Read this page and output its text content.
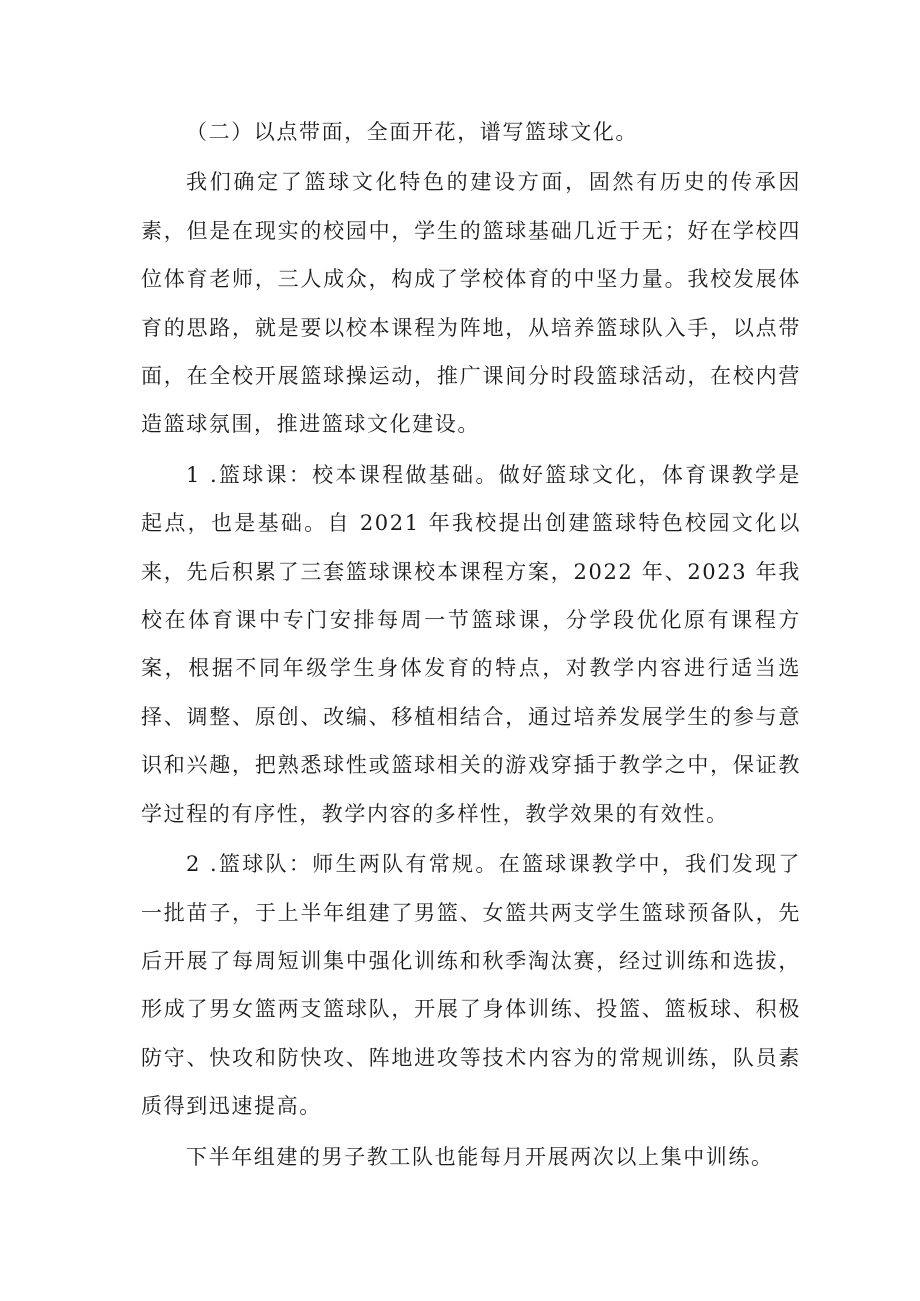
（二）以点带面，全面开花，谱写篮球文化。

我们确定了篮球文化特色的建设方面，固然有历史的传承因素，但是在现实的校园中，学生的篮球基础几近于无；好在学校四位体育老师，三人成众，构成了学校体育的中坚力量。我校发展体育的思路，就是要以校本课程为阵地，从培养篮球队入手，以点带面，在全校开展篮球操运动，推广课间分时段篮球活动，在校内营造篮球氛围，推进篮球文化建设。

1 .篮球课：校本课程做基础。做好篮球文化，体育课教学是起点，也是基础。自 2021 年我校提出创建篮球特色校园文化以来，先后积累了三套篮球课校本课程方案，2022 年、2023 年我校在体育课中专门安排每周一节篮球课，分学段优化原有课程方案，根据不同年级学生身体发育的特点，对教学内容进行适当选择、调整、原创、改编、移植相结合，通过培养发展学生的参与意识和兴趣，把熟悉球性或篮球相关的游戏穿插于教学之中，保证教学过程的有序性，教学内容的多样性，教学效果的有效性。

2 .篮球队：师生两队有常规。在篮球课教学中，我们发现了一批苗子，于上半年组建了男篮、女篮共两支学生篮球预备队，先后开展了每周短训集中强化训练和秋季淘汰赛，经过训练和选拔，形成了男女篮两支篮球队，开展了身体训练、投篮、篮板球、积极防守、快攻和防快攻、阵地进攻等技术内容为的常规训练，队员素质得到迅速提高。

下半年组建的男子教工队也能每月开展两次以上集中训练。
